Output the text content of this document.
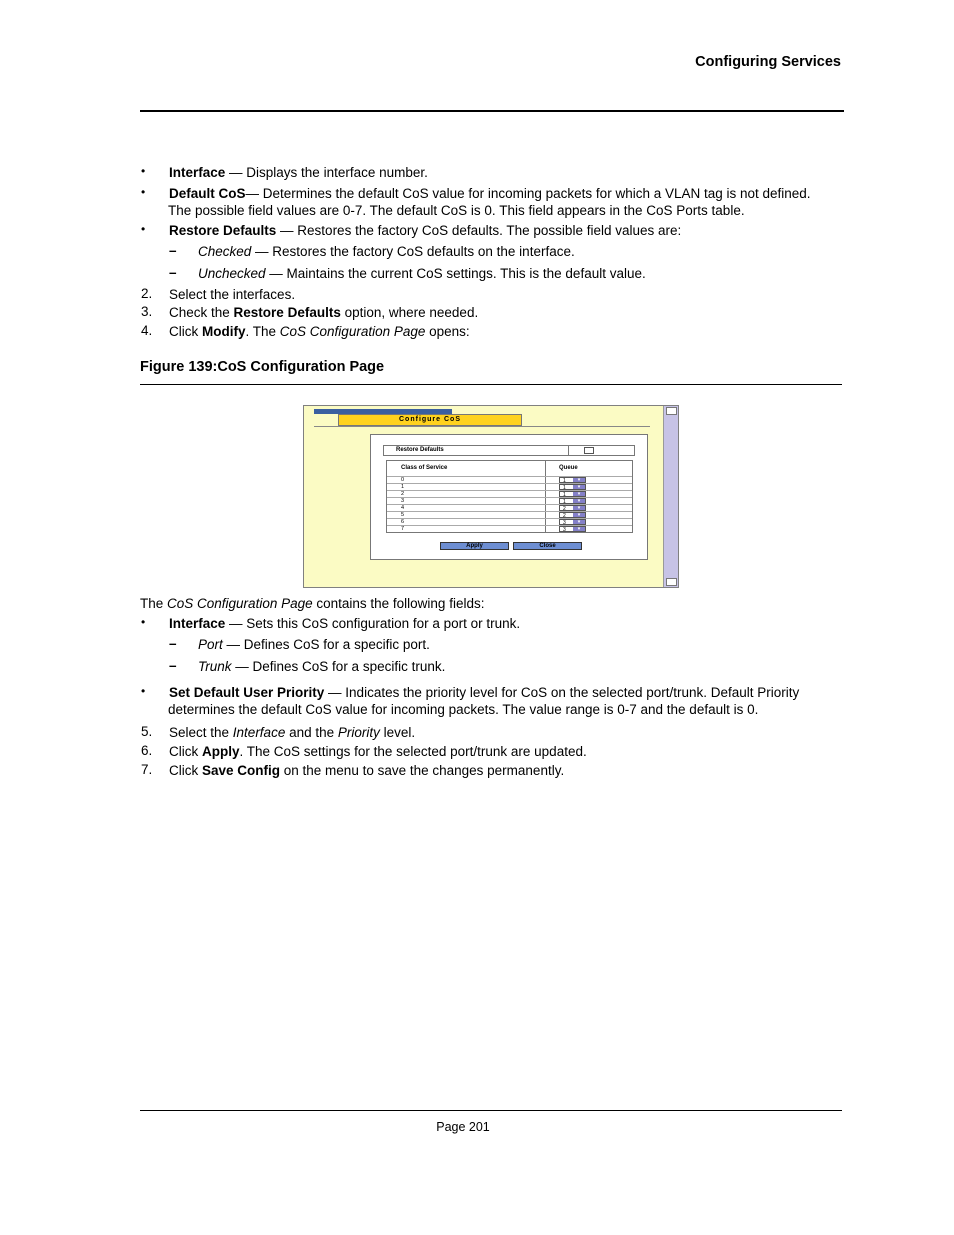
Configuring Services
• Interface — Displays the interface number.
• Default CoS— Determines the default CoS value for incoming packets for which a VLAN tag is not defined.
The possible field values are 0-7. The default CoS is 0. This field appears in the CoS Ports table.
• Restore Defaults — Restores the factory CoS defaults. The possible field values are:
– Checked — Restores the factory CoS defaults on the interface.
– Unchecked — Maintains the current CoS settings. This is the default value.
2. Select the interfaces.
3. Check the Restore Defaults option, where needed.
4. Click Modify. The CoS Configuration Page opens:
Figure 139:CoS Configuration Page
Configure CoS
Restore Defaults
Class of Service	Queue
0	1	▾
1	1	▾
2	1	▾
3	1	▾
4	2	▾
5	2	▾
6	3	▾
7	3	▾
Apply	Close
The CoS Configuration Page contains the following fields:
• Interface — Sets this CoS configuration for a port or trunk.
– Port — Defines CoS for a specific port.
– Trunk — Defines CoS for a specific trunk.
• Set Default User Priority — Indicates the priority level for CoS on the selected port/trunk. Default Priority
determines the default CoS value for incoming packets. The value range is 0-7 and the default is 0.
5. Select the Interface and the Priority level.
6. Click Apply. The CoS settings for the selected port/trunk are updated.
7. Click Save Config on the menu to save the changes permanently.
Page 201
